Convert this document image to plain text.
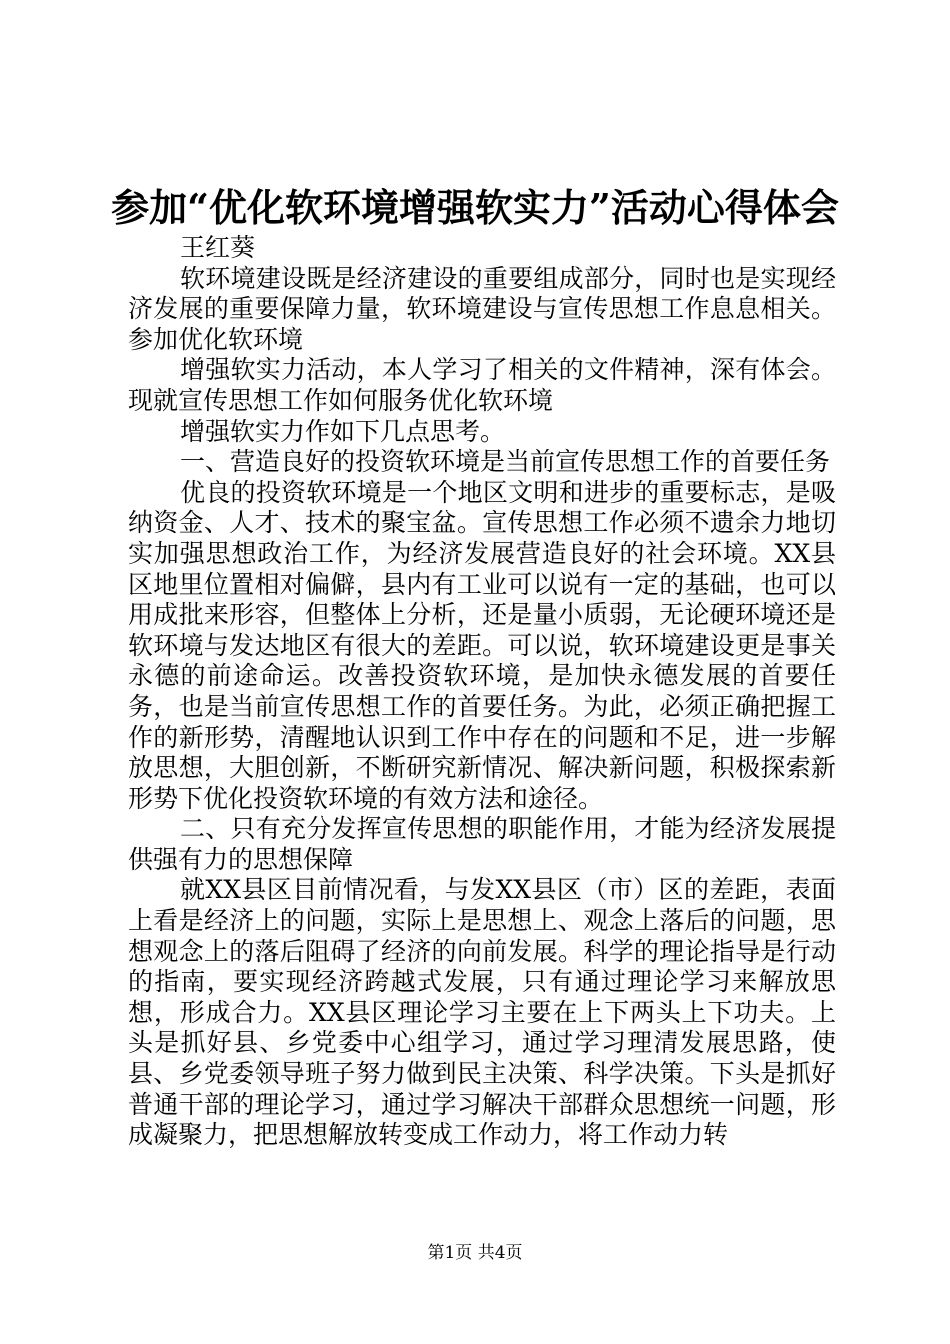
参加“优化软环境增强软实力”活动心得体会

王红葵

软环境建设既是经济建设的重要组成部分，同时也是实现经济发展的重要保障力量，软环境建设与宣传思想工作息息相关。参加优化软环境

增强软实力活动，本人学习了相关的文件精神，深有体会。现就宣传思想工作如何服务优化软环境

增强软实力作如下几点思考。

一、营造良好的投资软环境是当前宣传思想工作的首要任务

优良的投资软环境是一个地区文明和进步的重要标志，是吸纳资金、人才、技术的聚宝盆。宣传思想工作必须不遗余力地切实加强思想政治工作，为经济发展营造良好的社会环境。XX县区地里位置相对偏僻，县内有工业可以说有一定的基础，也可以用成批来形容，但整体上分析，还是量小质弱，无论硬环境还是软环境与发达地区有很大的差距。可以说，软环境建设更是事关永德的前途命运。改善投资软环境，是加快永德发展的首要任务，也是当前宣传思想工作的首要任务。为此，必须正确把握工作的新形势，清醒地认识到工作中存在的问题和不足，进一步解放思想，大胆创新，不断研究新情况、解决新问题，积极探索新形势下优化投资软环境的有效方法和途径。

二、只有充分发挥宣传思想的职能作用，才能为经济发展提供强有力的思想保障

就XX县区目前情况看，与发XX县区（市）区的差距，表面上看是经济上的问题，实际上是思想上、观念上落后的问题，思想观念上的落后阻碍了经济的向前发展。科学的理论指导是行动的指南，要实现经济跨越式发展，只有通过理论学习来解放思想，形成合力。XX县区理论学习主要在上下两头上下功夫。上头是抓好县、乡党委中心组学习，通过学习理清发展思路，使县、乡党委领导班子努力做到民主决策、科学决策。下头是抓好普通干部的理论学习，通过学习解决干部群众思想统一问题，形成凝聚力，把思想解放转变成工作动力，将工作动力转

第1页 共4页
